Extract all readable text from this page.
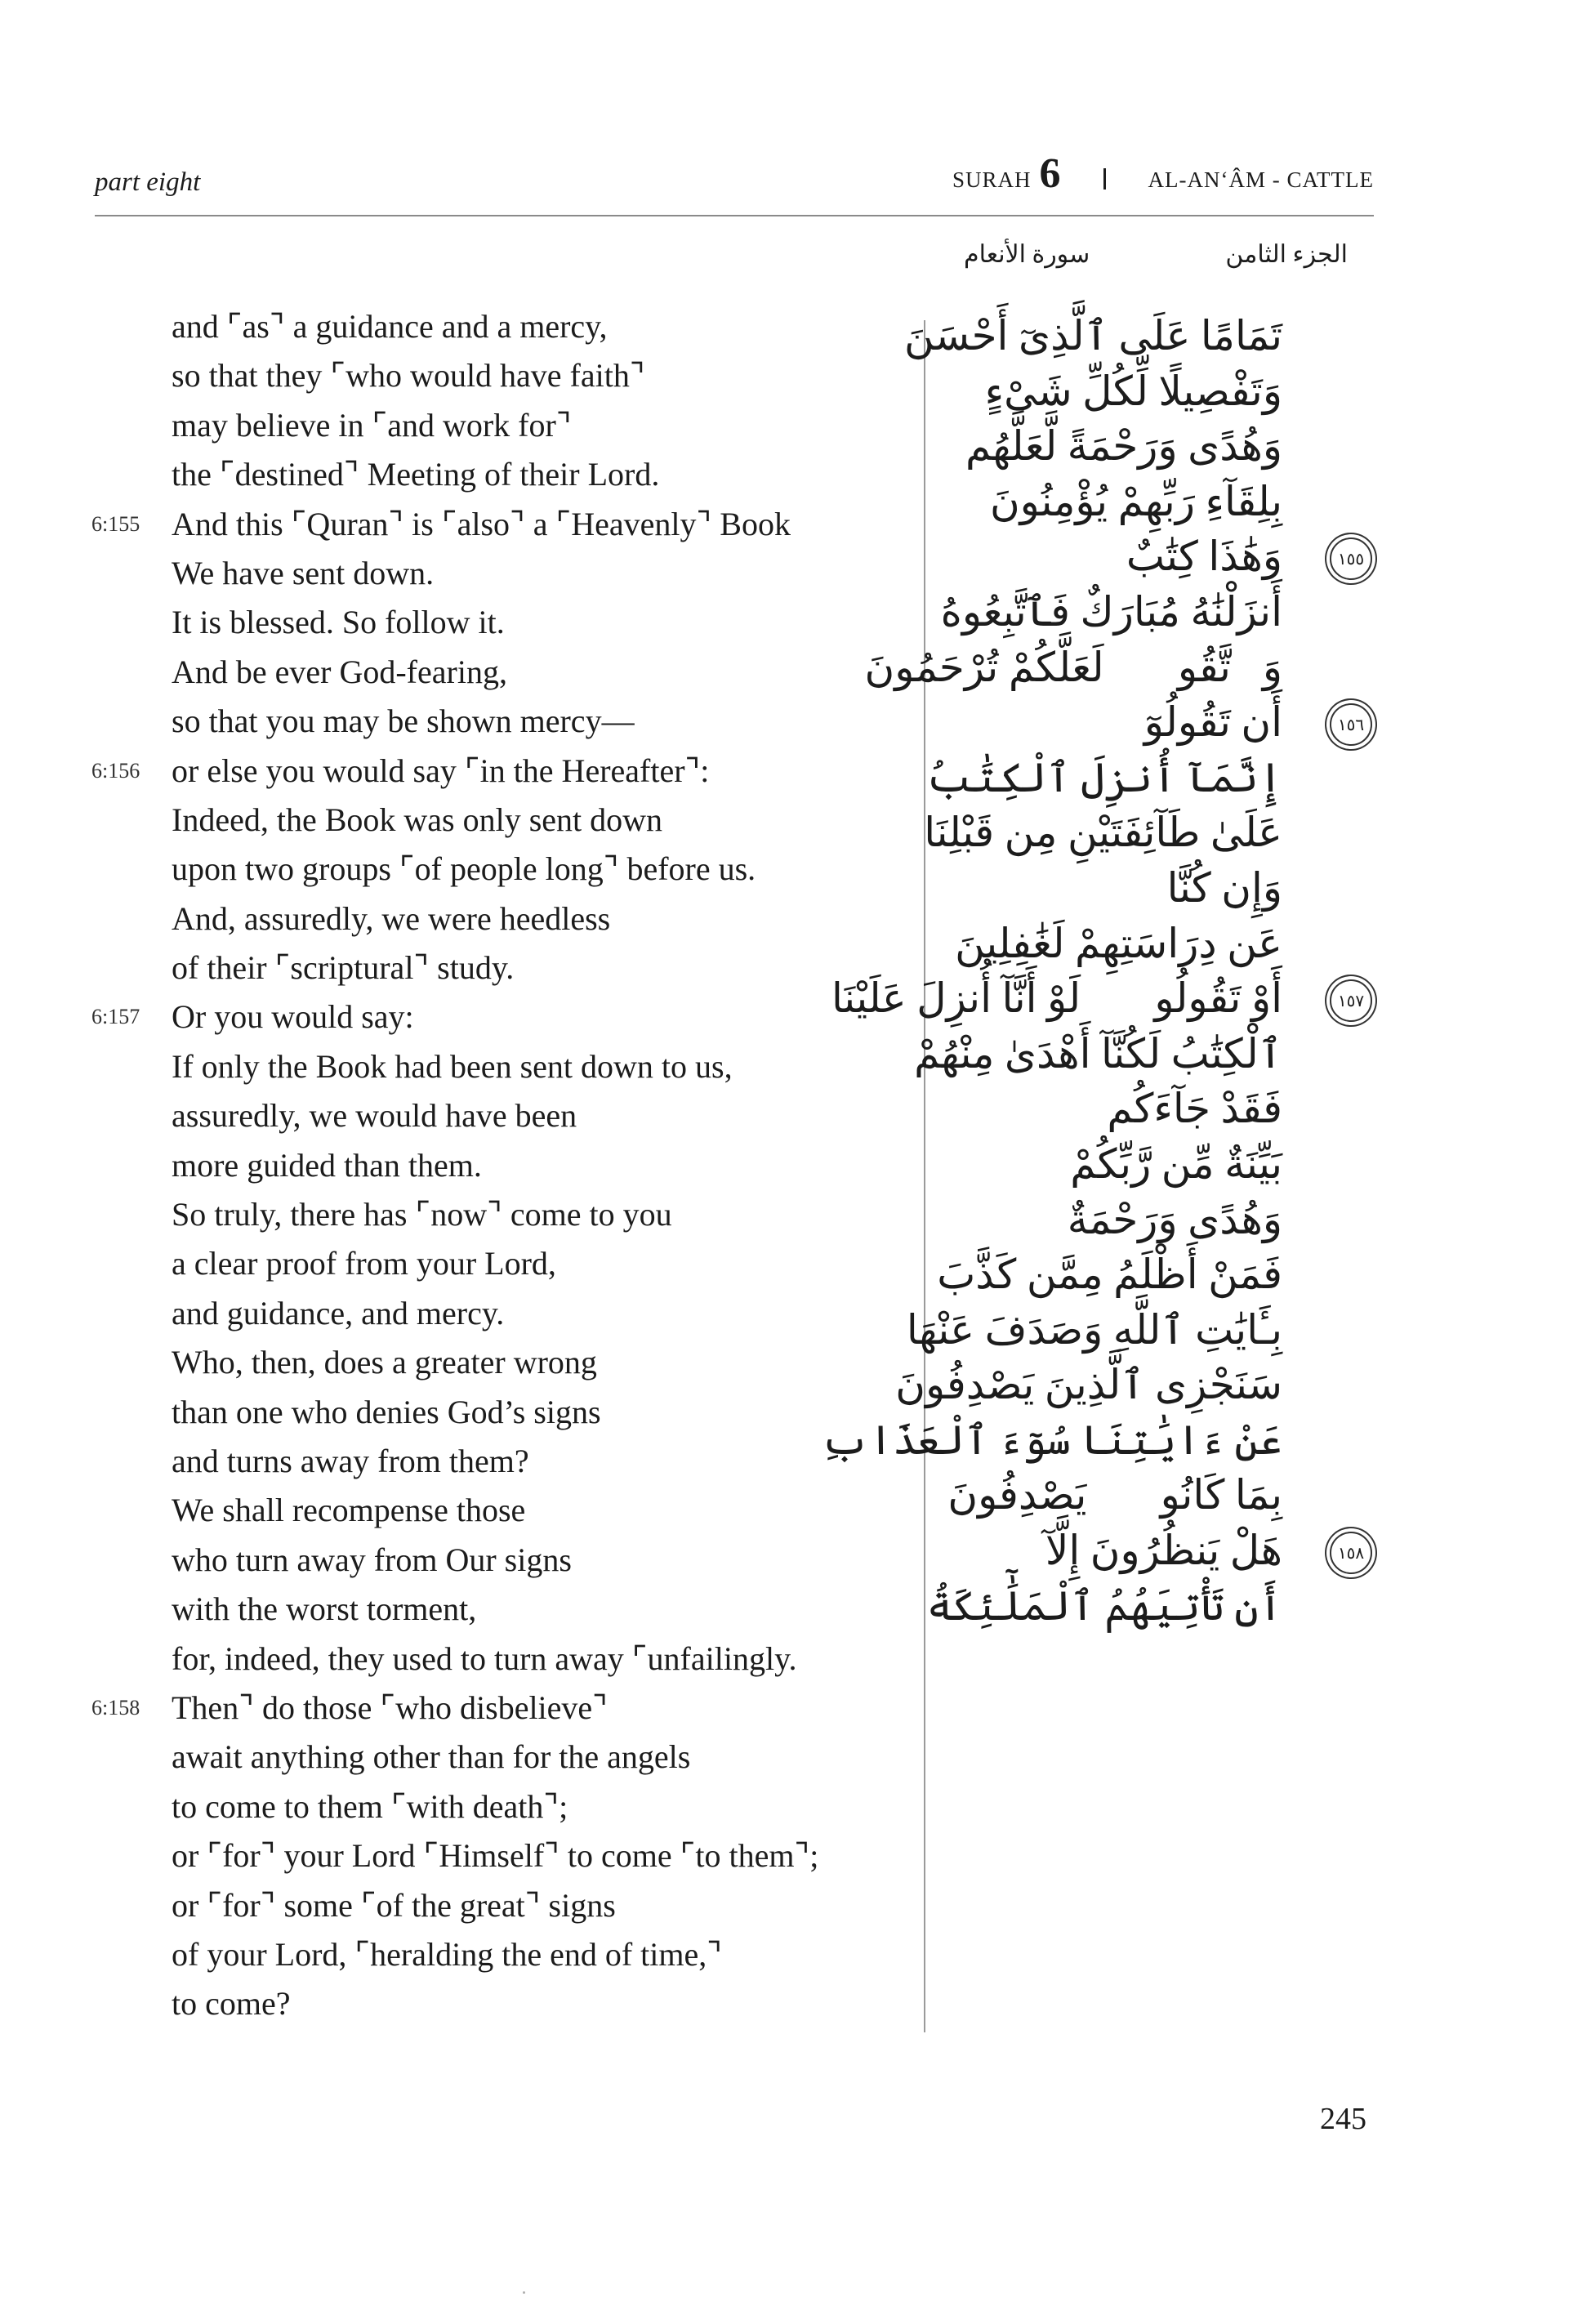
part eight	SURAH 6	AL-AN‘ÂM - CATTLE
الجزء الثامن
سورة الأنعام
and ⌜as⌝ a guidance and a mercy,
so that they ⌜who would have faith⌝
may believe in ⌜and work for⌝
the ⌜destined⌝ Meeting of their Lord.
6:155 And this ⌜Quran⌝ is ⌜also⌝ a ⌜Heavenly⌝ Book
We have sent down.
It is blessed. So follow it.
And be ever God-fearing,
so that you may be shown mercy—
6:156 or else you would say ⌜in the Hereafter⌝:
Indeed, the Book was only sent down
upon two groups ⌜of people long⌝ before us.
And, assuredly, we were heedless
of their ⌜scriptural⌝ study.
6:157 Or you would say:
If only the Book had been sent down to us,
assuredly, we would have been
more guided than them.
So truly, there has ⌜now⌝ come to you
a clear proof from your Lord,
and guidance, and mercy.
Who, then, does a greater wrong
than one who denies God’s signs
and turns away from them?
We shall recompense those
who turn away from Our signs
with the worst torment,
for, indeed, they used to turn away ⌜unfailingly.
6:158 Then⌝ do those ⌜who disbelieve⌝
await anything other than for the angels
to come to them ⌜with death⌝;
or ⌜for⌝ your Lord ⌜Himself⌝ to come ⌜to them⌝;
or ⌜for⌝ some ⌜of the great⌝ signs
of your Lord, ⌜heralding the end of time,⌝
to come?
تَمَامًا عَلَى ٱلَّذِىٓ أَحْسَنَ
وَتَفْصِيلًا لِّكُلِّ شَىْءٍ
وَهُدًى وَرَحْمَةً لَّعَلَّهُم
بِلِقَآءِ رَبِّهِمْ يُؤْمِنُونَ
وَهَٰذَا كِتَٰبٌ	١٥٥
أَنزَلْنَٰهُ مُبَارَكٌ فَٱتَّبِعُوهُ
وَٱتَّقُوا۟ لَعَلَّكُمْ تُرْحَمُونَ
أَن تَقُولُوٓا۟	١٥٦
إِنَّمَآ أُنزِلَ ٱلْكِتَٰبُ
عَلَىٰ طَآئِفَتَيْنِ مِن قَبْلِنَا
وَإِن كُنَّا
عَن دِرَاسَتِهِمْ لَغَٰفِلِينَ
أَوْ تَقُولُوا۟ لَوْ أَنَّآ أُنزِلَ عَلَيْنَا	١٥٧
ٱلْكِتَٰبُ لَكُنَّآ أَهْدَىٰ مِنْهُمْ
فَقَدْ جَآءَكُم
بَيِّنَةٌ مِّن رَّبِّكُمْ
وَهُدًى وَرَحْمَةٌ
فَمَنْ أَظْلَمُ مِمَّن كَذَّبَ
بِـَٔايَٰتِ ٱللَّهِ وَصَدَفَ عَنْهَا
سَنَجْزِى ٱلَّذِينَ يَصْدِفُونَ
عَنْ ءَايَٰتِنَا سُوٓءَ ٱلْعَذَابِ
بِمَا كَانُوا۟ يَصْدِفُونَ
هَلْ يَنظُرُونَ إِلَّآ	١٥٨
أَن تَأْتِيَهُمُ ٱلْمَلَٰٓئِكَةُ
245
